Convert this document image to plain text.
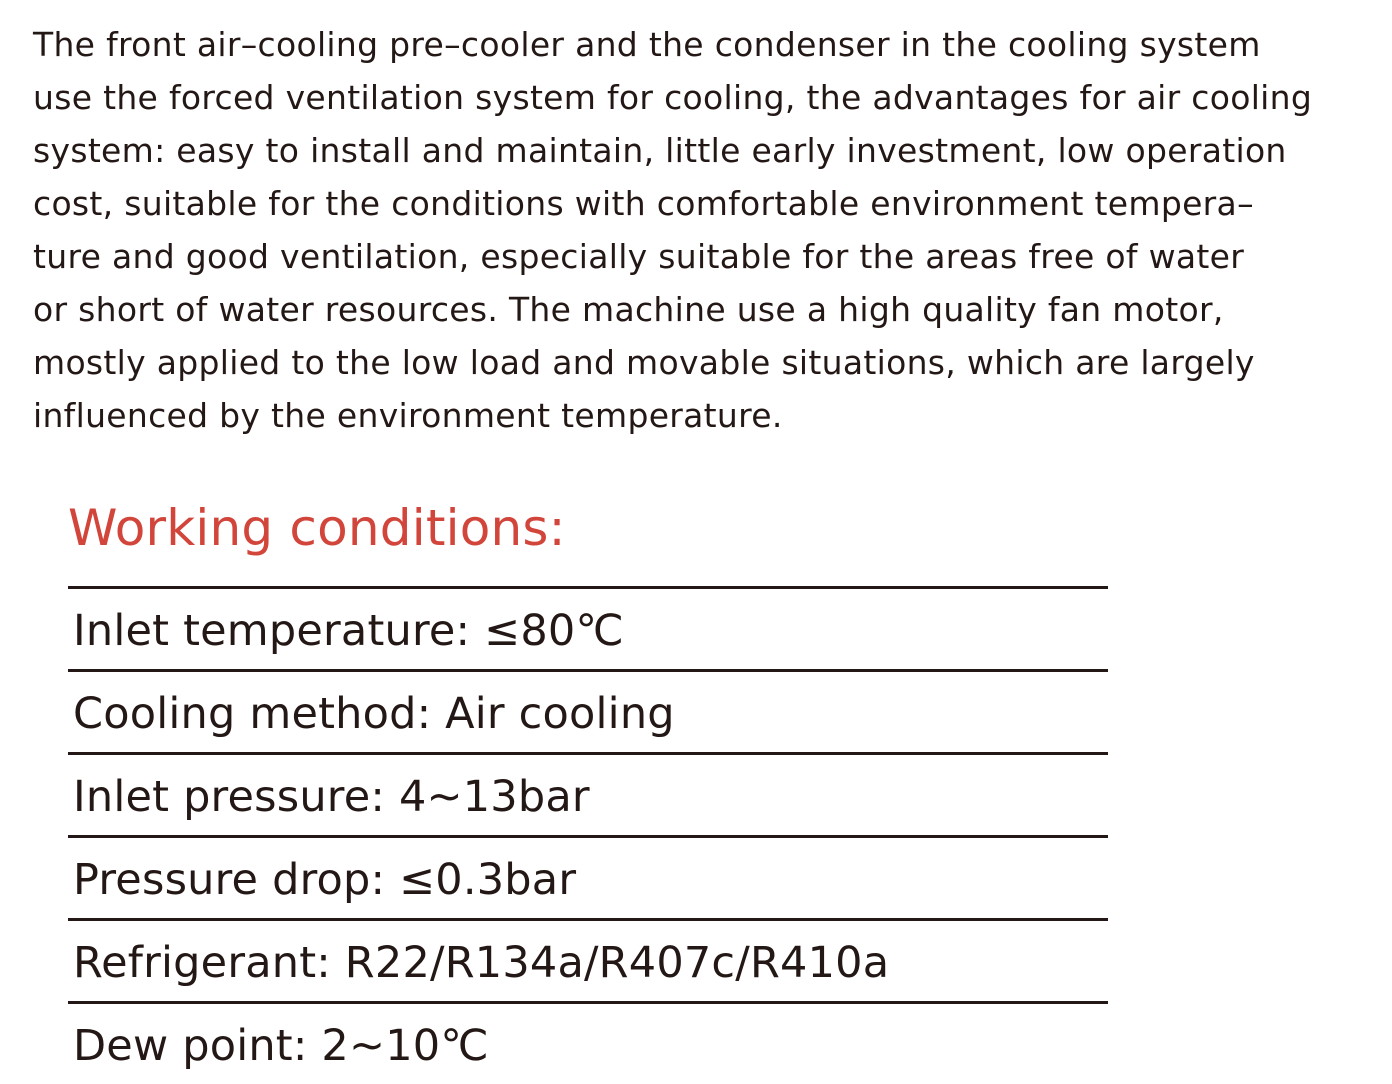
The front air–cooling pre–cooler and the condenser in the cooling system
use the forced ventilation system for cooling, the advantages for air cooling
system: easy to install and maintain, little early investment, low operation
cost, suitable for the conditions with comfortable environment tempera–
ture and good ventilation, especially suitable for the areas free of water
or short of water resources. The machine use a high quality fan motor,
mostly applied to the low load and movable situations, which are largely
influenced by the environment temperature.
Working conditions:
Inlet temperature: ≤80℃
Cooling method: Air cooling
Inlet pressure: 4~13bar
Pressure drop: ≤0.3bar
Refrigerant: R22/R134a/R407c/R410a
Dew point: 2~10℃
